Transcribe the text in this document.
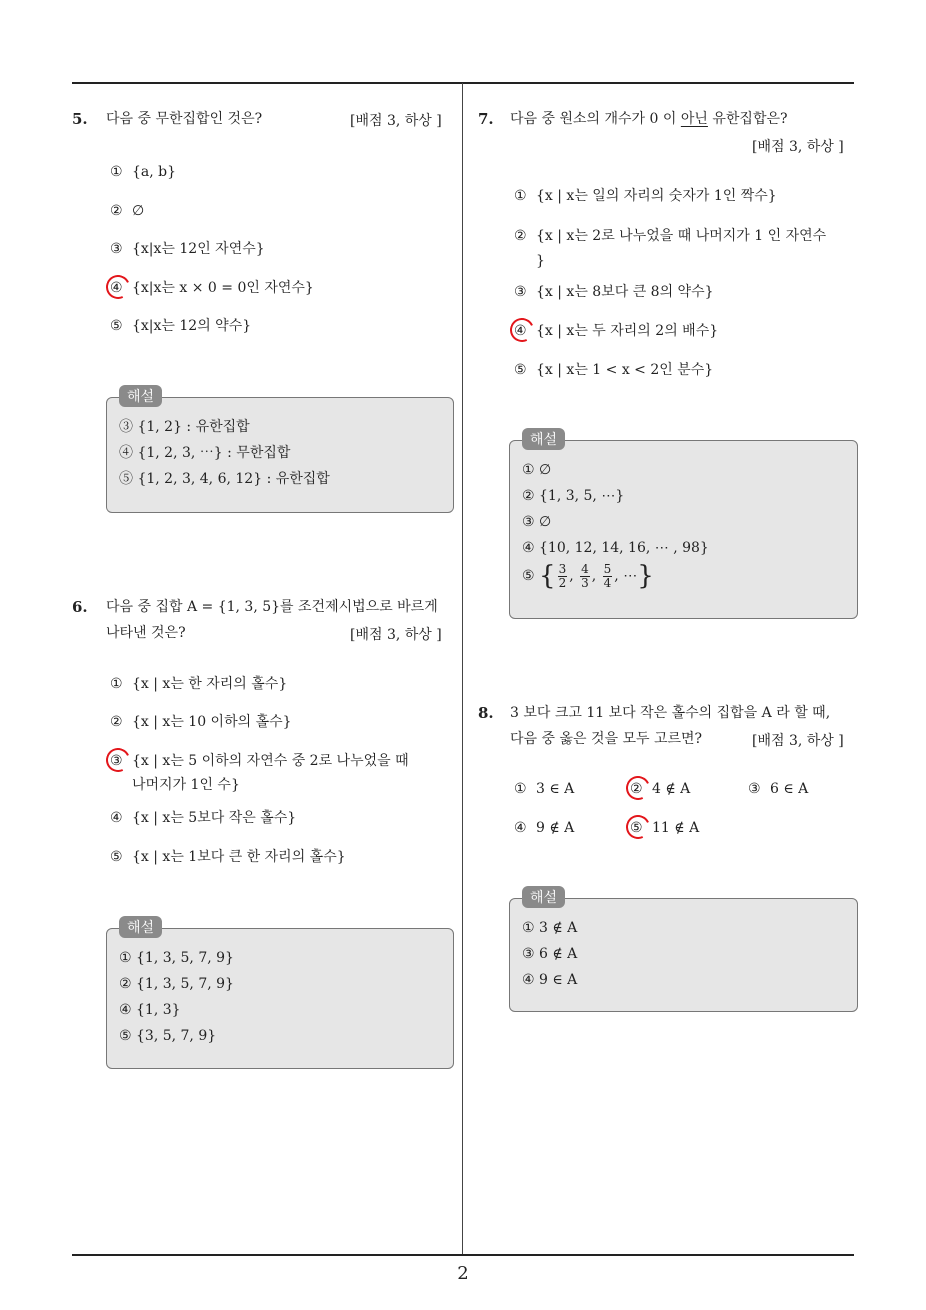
2
5. 다음 중 무한집합인 것은?	[배점 3, 하상 ]
① {a, b}
② ∅
③ {x|x는 12인 자연수}
④ {x|x는 x × 0 = 0인 자연수}
⑤ {x|x는 12의 약수}
해설
③ {1, 2} : 유한집합
④ {1, 2, 3, ⋯} : 무한집합
⑤ {1, 2, 3, 4, 6, 12} : 유한집합
6. 다음 중 집합 A = {1, 3, 5}를 조건제시법으로 바르게
나타낸 것은?	[배점 3, 하상 ]
① {x | x는 한 자리의 홀수}
② {x | x는 10 이하의 홀수}
③ {x | x는 5 이하의 자연수 중 2로 나누었을 때
나머지가 1인 수}
④ {x | x는 5보다 작은 홀수}
⑤ {x | x는 1보다 큰 한 자리의 홀수}
해설
① {1, 3, 5, 7, 9}
② {1, 3, 5, 7, 9}
④ {1, 3}
⑤ {3, 5, 7, 9}
7. 다음 중 원소의 개수가 0 이 아닌 유한집합은?
[배점 3, 하상 ]
① {x | x는 일의 자리의 숫자가 1인 짝수}
② {x | x는 2로 나누었을 때 나머지가 1 인 자연수
}
③ {x | x는 8보다 큰 8의 약수}
④ {x | x는 두 자리의 2의 배수}
⑤ {x | x는 1 < x < 2인 분수}
해설
① ∅
② {1, 3, 5, ⋯}
③ ∅
④ {10, 12, 14, 16, ⋯ , 98}
⑤ { $\frac{3}{2}$ , $\frac{4}{3}$ , $\frac{5}{4}$ , ⋯}
8. 3 보다 크고 11 보다 작은 홀수의 집합을 A 라 할 때,
다음 중 옳은 것을 모두 고르면?	[배점 3, 하상 ]
① 3 ∈ A	② 4 ∉ A	③ 6 ∈ A
④ 9 ∉ A	⑤ 11 ∉ A
해설
① 3 ∉ A
③ 6 ∉ A
④ 9 ∈ A
